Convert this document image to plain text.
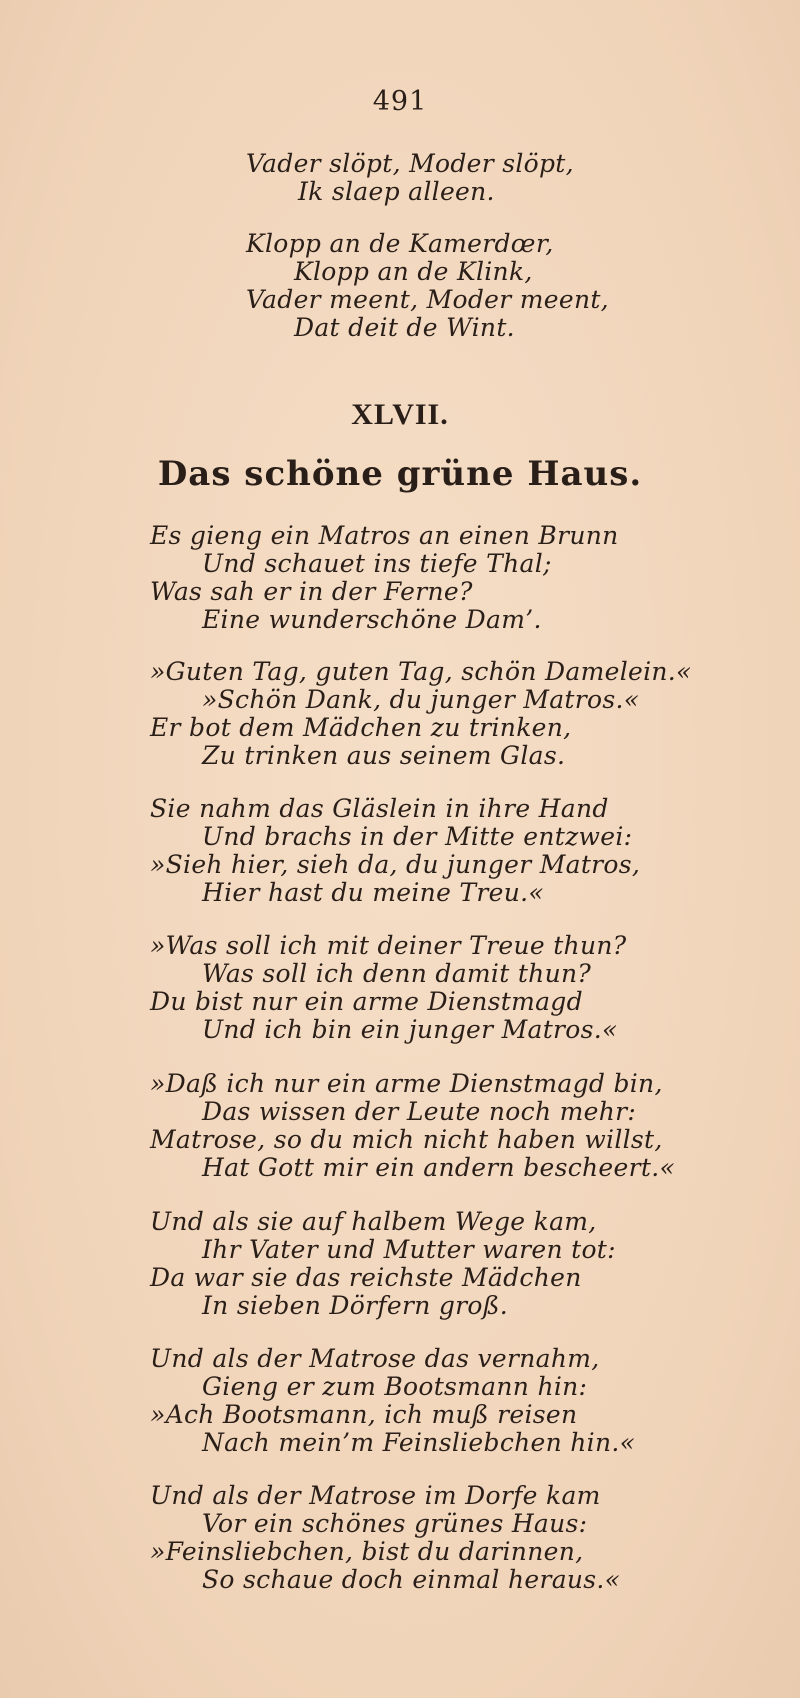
491
Vader slöpt, Moder slöpt,
Ik slaep alleen.
Klopp an de Kamerdœr,
Klopp an de Klink,
Vader meent, Moder meent,
Dat deit de Wint.
XLVII.
Das schöne grüne Haus.
Es gieng ein Matros an einen Brunn
Und schauet ins tiefe Thal;
Was sah er in der Ferne?
Eine wunderschöne Dam’.
»Guten Tag, guten Tag, schön Damelein.«
»Schön Dank, du junger Matros.«
Er bot dem Mädchen zu trinken,
Zu trinken aus seinem Glas.
Sie nahm das Gläslein in ihre Hand
Und brachs in der Mitte entzwei:
»Sieh hier, sieh da, du junger Matros,
Hier hast du meine Treu.«
»Was soll ich mit deiner Treue thun?
Was soll ich denn damit thun?
Du bist nur ein arme Dienstmagd
Und ich bin ein junger Matros.«
»Daß ich nur ein arme Dienstmagd bin,
Das wissen der Leute noch mehr:
Matrose, so du mich nicht haben willst,
Hat Gott mir ein andern bescheert.«
Und als sie auf halbem Wege kam,
Ihr Vater und Mutter waren tot:
Da war sie das reichste Mädchen
In sieben Dörfern groß.
Und als der Matrose das vernahm,
Gieng er zum Bootsmann hin:
»Ach Bootsmann, ich muß reisen
Nach mein’m Feinsliebchen hin.«
Und als der Matrose im Dorfe kam
Vor ein schönes grünes Haus:
»Feinsliebchen, bist du darinnen,
So schaue doch einmal heraus.«
